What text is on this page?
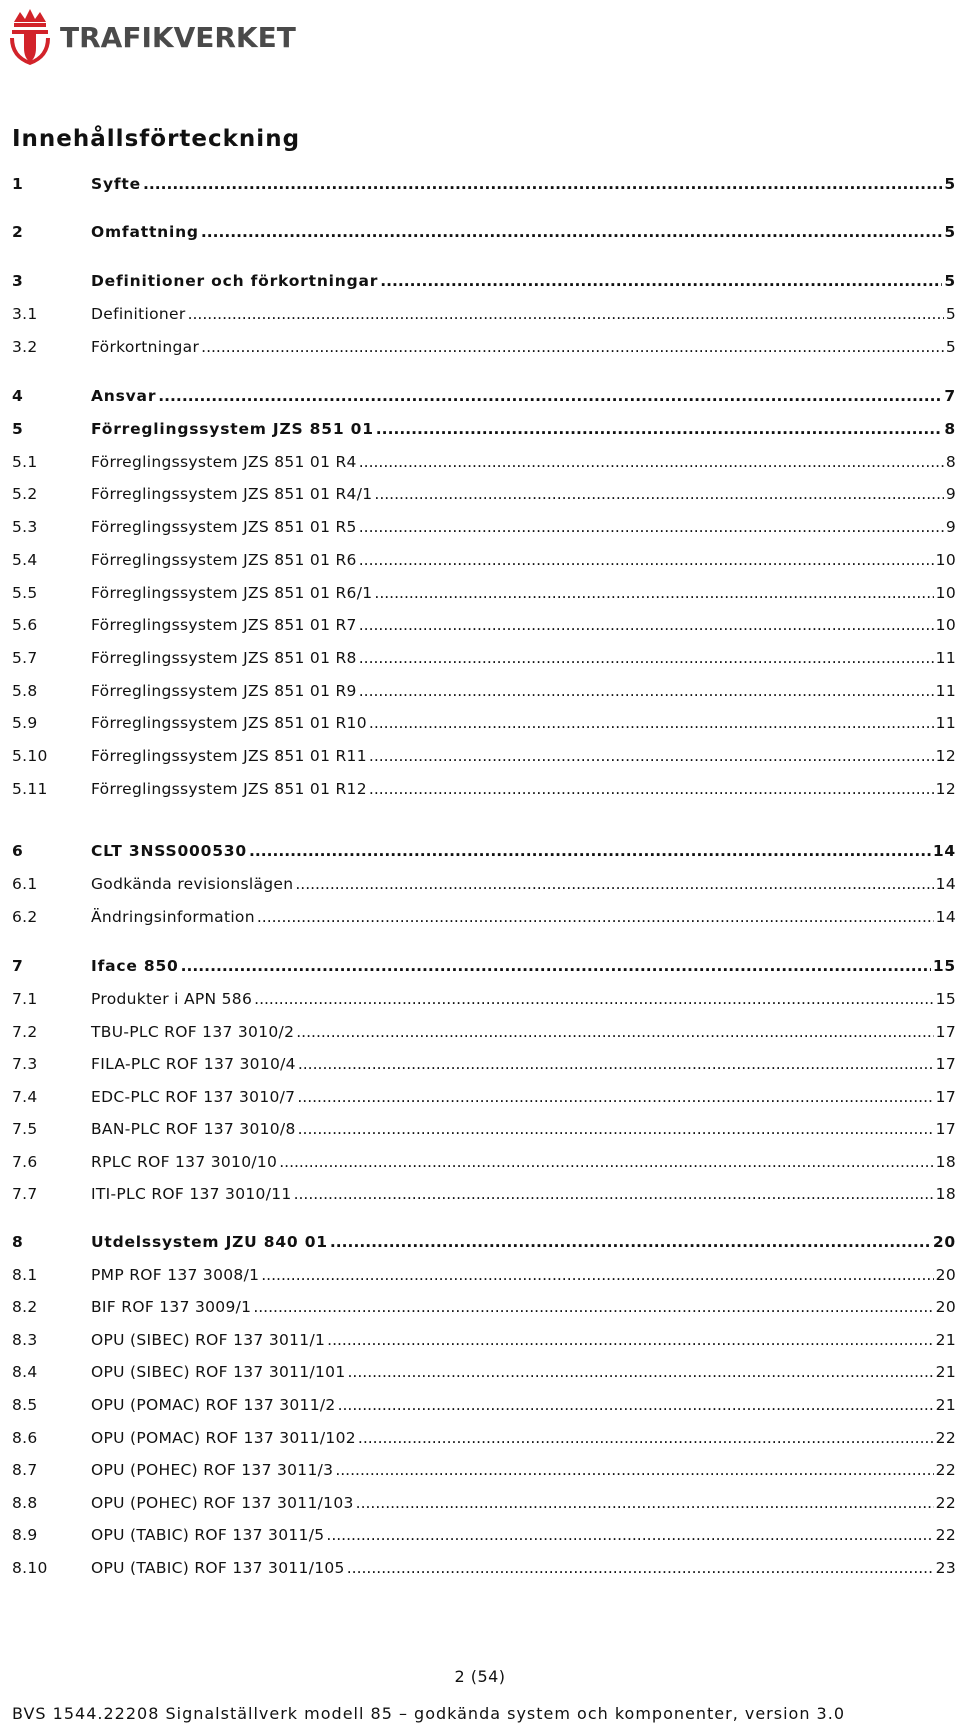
TRAFIKVERKET
Innehållsförteckning
1	Syfte .....	5
2	Omfattning .....	5
3	Definitioner och förkortningar .....	5
3.1	Definitioner .....	5
3.2	Förkortningar .....	5
4	Ansvar .....	7
5	Förreglingssystem JZS 851 01 .....	8
5.1	Förreglingssystem JZS 851 01 R4 .....	8
5.2	Förreglingssystem JZS 851 01 R4/1 .....	9
5.3	Förreglingssystem JZS 851 01 R5 .....	9
5.4	Förreglingssystem JZS 851 01 R6 .....	10
5.5	Förreglingssystem JZS 851 01 R6/1 .....	10
5.6	Förreglingssystem JZS 851 01 R7 .....	10
5.7	Förreglingssystem JZS 851 01 R8 .....	11
5.8	Förreglingssystem JZS 851 01 R9 .....	11
5.9	Förreglingssystem JZS 851 01 R10 .....	11
5.10	Förreglingssystem JZS 851 01 R11 .....	12
5.11	Förreglingssystem JZS 851 01 R12 .....	12
6	CLT 3NSS000530 .....	14
6.1	Godkända revisionslägen .....	14
6.2	Ändringsinformation .....	14
7	Iface 850 .....	15
7.1	Produkter i APN 586 .....	15
7.2	TBU-PLC ROF 137 3010/2 .....	17
7.3	FILA-PLC ROF 137 3010/4 .....	17
7.4	EDC-PLC ROF 137 3010/7 .....	17
7.5	BAN-PLC ROF 137 3010/8 .....	17
7.6	RPLC ROF 137 3010/10 .....	18
7.7	ITI-PLC ROF 137 3010/11 .....	18
8	Utdelssystem JZU 840 01 .....	20
8.1	PMP ROF 137 3008/1 .....	20
8.2	BIF ROF 137 3009/1 .....	20
8.3	OPU (SIBEC) ROF 137 3011/1 .....	21
8.4	OPU (SIBEC) ROF 137 3011/101 .....	21
8.5	OPU (POMAC) ROF 137 3011/2 .....	21
8.6	OPU (POMAC) ROF 137 3011/102 .....	22
8.7	OPU (POHEC) ROF 137 3011/3 .....	22
8.8	OPU (POHEC) ROF 137 3011/103 .....	22
8.9	OPU (TABIC) ROF 137 3011/5 .....	22
8.10	OPU (TABIC) ROF 137 3011/105 .....	23
2 (54)
BVS 1544.22208 Signalställverk modell 85 – godkända system och komponenter, version 3.0
